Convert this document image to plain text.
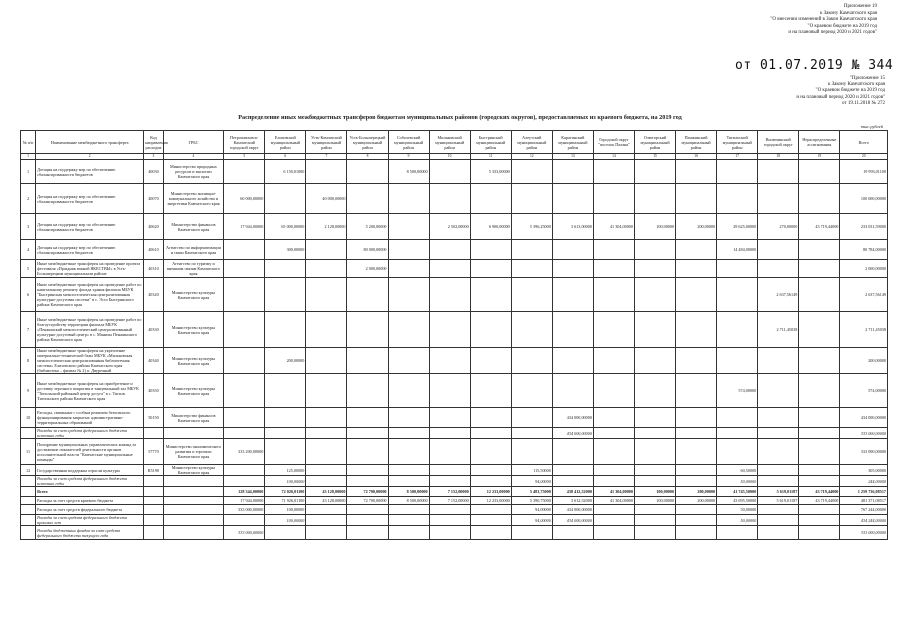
Приложение 19
к Закону Камчатского края
"О внесении изменений в Закон Камчатского края
"О краевом бюджете на 2019 год
и на плановый период 2020 и 2021 годов"
от 01.07.2019 № 344
"Приложение 15
к Закону Камчатского края
"О краевом бюджете на 2019 год
и на плановый период 2020 и 2021 годов"
от 19.11.2018 № 272
Распределение иных межбюджетных трансферов бюджетам муниципальных районов (городских округов), предоставляемых из краевого бюджета, на 2019 год
тыс.рублей
№ п/п	Наименование межбюджетного трансферта	Код направления расходов	ГРБС	Петропавловск-Камчатский городской округ	Елизовский муниципальный район	Усть-Камчатский муниципальный район	Усть-Большерецкий муниципальный район	Соболевский муниципальный район	Мильковский муниципальный район	Быстринский муниципальный район	Алеутский муниципальный район	Карагинский муниципальный район	Городской округ "поселок Палана"	Олюторский муниципальный район	Пенжинский муниципальный район	Тигильский муниципальный район	Вилючинский городской округ	Нераспределенные ассигнования	Всего
1	2	3	4	5	6	7	8	9	10	11	12	13	14	15	16	17	18	19	20
1	Дотация на поддержку мер по обеспечению сбалансированности бюджетов	40030	Министерство природных ресурсов и экологии Камчатского края		6 150,01000			8 500,00000		5 333,00000									19 993,01100
2	Дотация на поддержку мер по обеспечению сбалансированности бюджетов	40070	Министерство жилищно-коммунального хозяйства и энергетики Камчатского края	60 000,00000		40 000,00000													100 000,00000
3	Дотация на поддержку мер по обеспечению сбалансированности бюджетов	40620	Министерство финансов Камчатского края	17 944,00000	65 000,00000	2 128,00000	5 200,00000		2 502,00000	6 900,00000	5 396,25000	3 613,00000	41 304,00000	100,00000	200,00000	29 625,00000	270,00000	43 719,44000	233 031,59000
4	Дотация на поддержку мер по обеспечению сбалансированности бюджетов	40610	Агентство по информатизации и связи Камчатского края		300,00000		80 000,00000									14 484,00000			80 784,00000
5	Иные межбюджетные трансферты на проведение проекта фестиваля «Праздник южной ЯКЕСТВЫ» в Усть-Большерецком муниципальном районе	40310	Агентство по туризму и внешним связям Камчатского края				2 000,00000												2 000,00000
6	Иные межбюджетные трансферты на проведение работ по капитальному ремонту фасада здания филиала МБУК "Быстринская межпоселенческая централизованная культурно-досуговая система" в с. Эссо Быстринского района Камчатского края	40320	Министерство культуры Камчатского края														2 637,56149		2 637,56149
7	Иные межбюджетные трансферты на проведение работ по благоустройству территории филиала МБУК «Пенжинский межпоселенческий централизованный культурно-досуговый центр» в с. Манилы Пенжинского района Камчатского края	40330	Министерство культуры Камчатского края														2 711,45038		2 711,45038
8	Иные межбюджетные трансферты на укрепление материально-технической базы МБУК «Мильковская межпоселенческая централизованная библиотечная система» Елизовского района Камчатского края (библиотека – филиал № 2) п. Двуречный	40340	Министерство культуры Камчатского края		200,00000														200,00000
9	Иные межбюджетные трансферты на приобретение и доставку зерочного покрытия в танцевальный зал МБУК "Тигильский районный центр досуга" в с. Тигиль Тигильского района Камчатского края	40350	Министерство культуры Камчатского края													574,00000			574,00000
10	Расходы, связанные с особым режимом безопасного функционирования закрытых административно-территориальных образований	50150	Министерство финансов Камчатского края									434 000,00000							434 000,00000
	Расходы за счет средств федерального бюджета источник годы											434 000,00000							333 000,00000
11	Поощрение муниципальных управленческих команд за достижение показателей деятельности органов исполнительной власти "Камчатские муниципальные команды"	57770	Министерство экономического развития и торговли Камчатского края	333 200,00000															333 000,00000
12	Государственная поддержка отрасли культуры	R5190	Министерство культуры Камчатского края		125,00000						115,50000					60,50000			305,00000
	Расходы за счет средств федерального бюджета источник годы				100,00000						94,00000					50,00000			244,00000
	Всего			128 344,00000	72 026,01100	43 128,00000	72 700,00000	8 500,00000	7 152,00000	12 233,00000	5 483,75000	438 412,52000	41 304,00000	100,00000	200,00000	41 745,50000	5 619,01187	43 719,44000	1 259 736,08517
	Расходы за счет средств краевого бюджета			17 944,00000	71 926,01100	43 128,00000	72 700,00000	8 500,00000	7 152,00000	12 233,00000	5 390,75000	3 612,52000	41 304,00000	100,00000	200,00000	43 695,50000	5 619,01187	43 719,44000	481 371,08517
	Расходы за счет средств федерального бюджета			333 000,00000	100,00000						94,00000	434 000,00000				50,00000			767 244,00000
	Расходы за счет средств федерального бюджета прошлых лет				100,00000						94,00000	434 000,00000				50,00000			434 244,00000
	Расходы бюджетных фондов за счет средств федерального бюджета текущего года			333 000,00000															333 000,00000
